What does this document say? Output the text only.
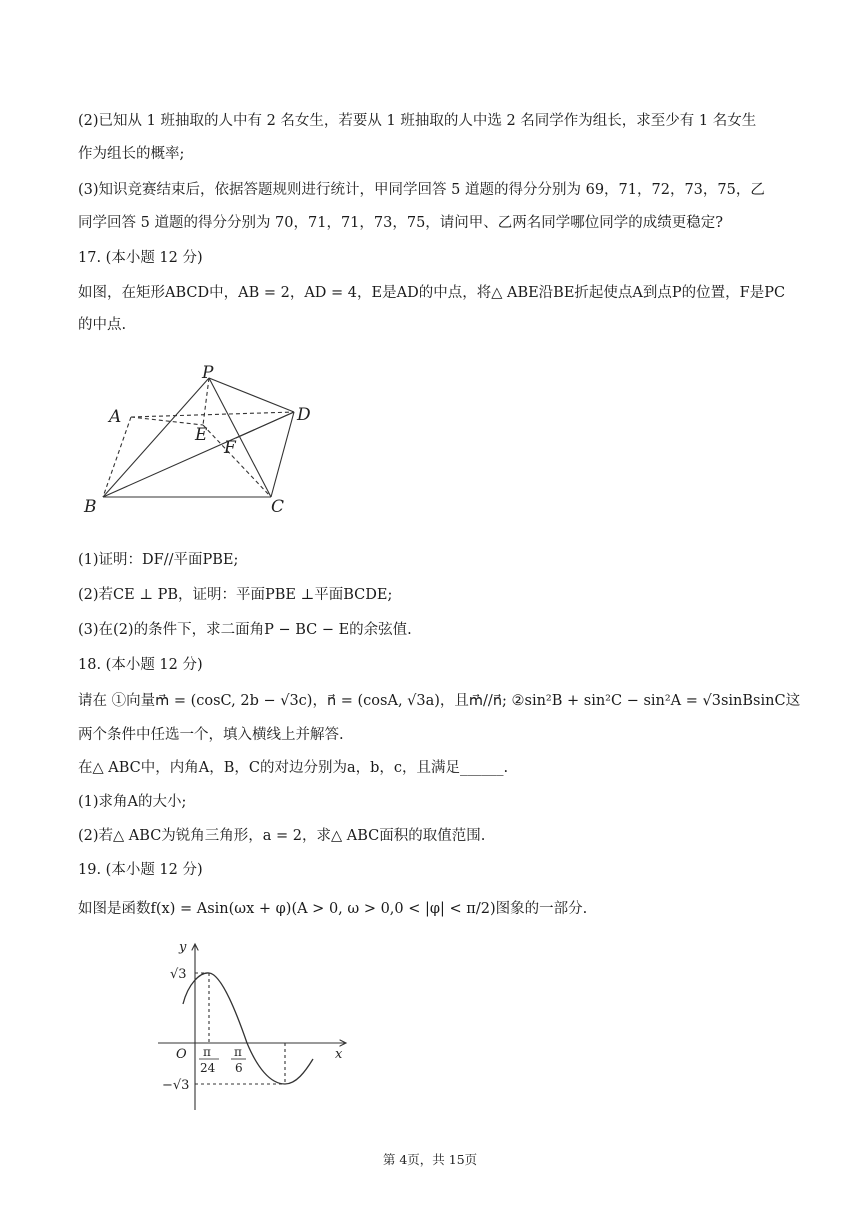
(2)已知从 1 班抽取的人中有 2 名女生，若要从 1 班抽取的人中选 2 名同学作为组长，求至少有 1 名女生
作为组长的概率;
(3)知识竞赛结束后，依据答题规则进行统计，甲同学回答 5 道题的得分分别为 69，71，72，73，75，乙
同学回答 5 道题的得分分别为 70，71，71，73，75，请问甲、乙两名同学哪位同学的成绩更稳定?
17. (本小题 12 分)
如图，在矩形ABCD中，AB = 2，AD = 4，E是AD的中点，将△ ABE沿BE折起使点A到点P的位置，F是PC
的中点.
A
B	C
D
E
F
P
(1)证明：DF//平面PBE;
(2)若CE ⊥ PB，证明：平面PBE ⊥平面BCDE;
(3)在(2)的条件下，求二面角P − BC − E的余弦值.
18. (本小题 12 分)
请在 ①向量m⃗ = (cosC, 2b − √3c)，n⃗ = (cosA, √3a)，且m⃗//n⃗; ②sin²B + sin²C − sin²A = √3sinBsinC这
两个条件中任选一个，填入横线上并解答.
在△ ABC中，内角A，B，C的对边分别为a，b，c，且满足______.
(1)求角A的大小;
(2)若△ ABC为锐角三角形，a = 2，求△ ABC面积的取值范围.
19. (本小题 12 分)
如图是函数f(x) = Asin(ωx + φ)(A > 0, ω > 0,0 < |φ| < π/2)图象的一部分.
y
x
O
√3
−√3
π
24
π
6
第 4页，共 15页
